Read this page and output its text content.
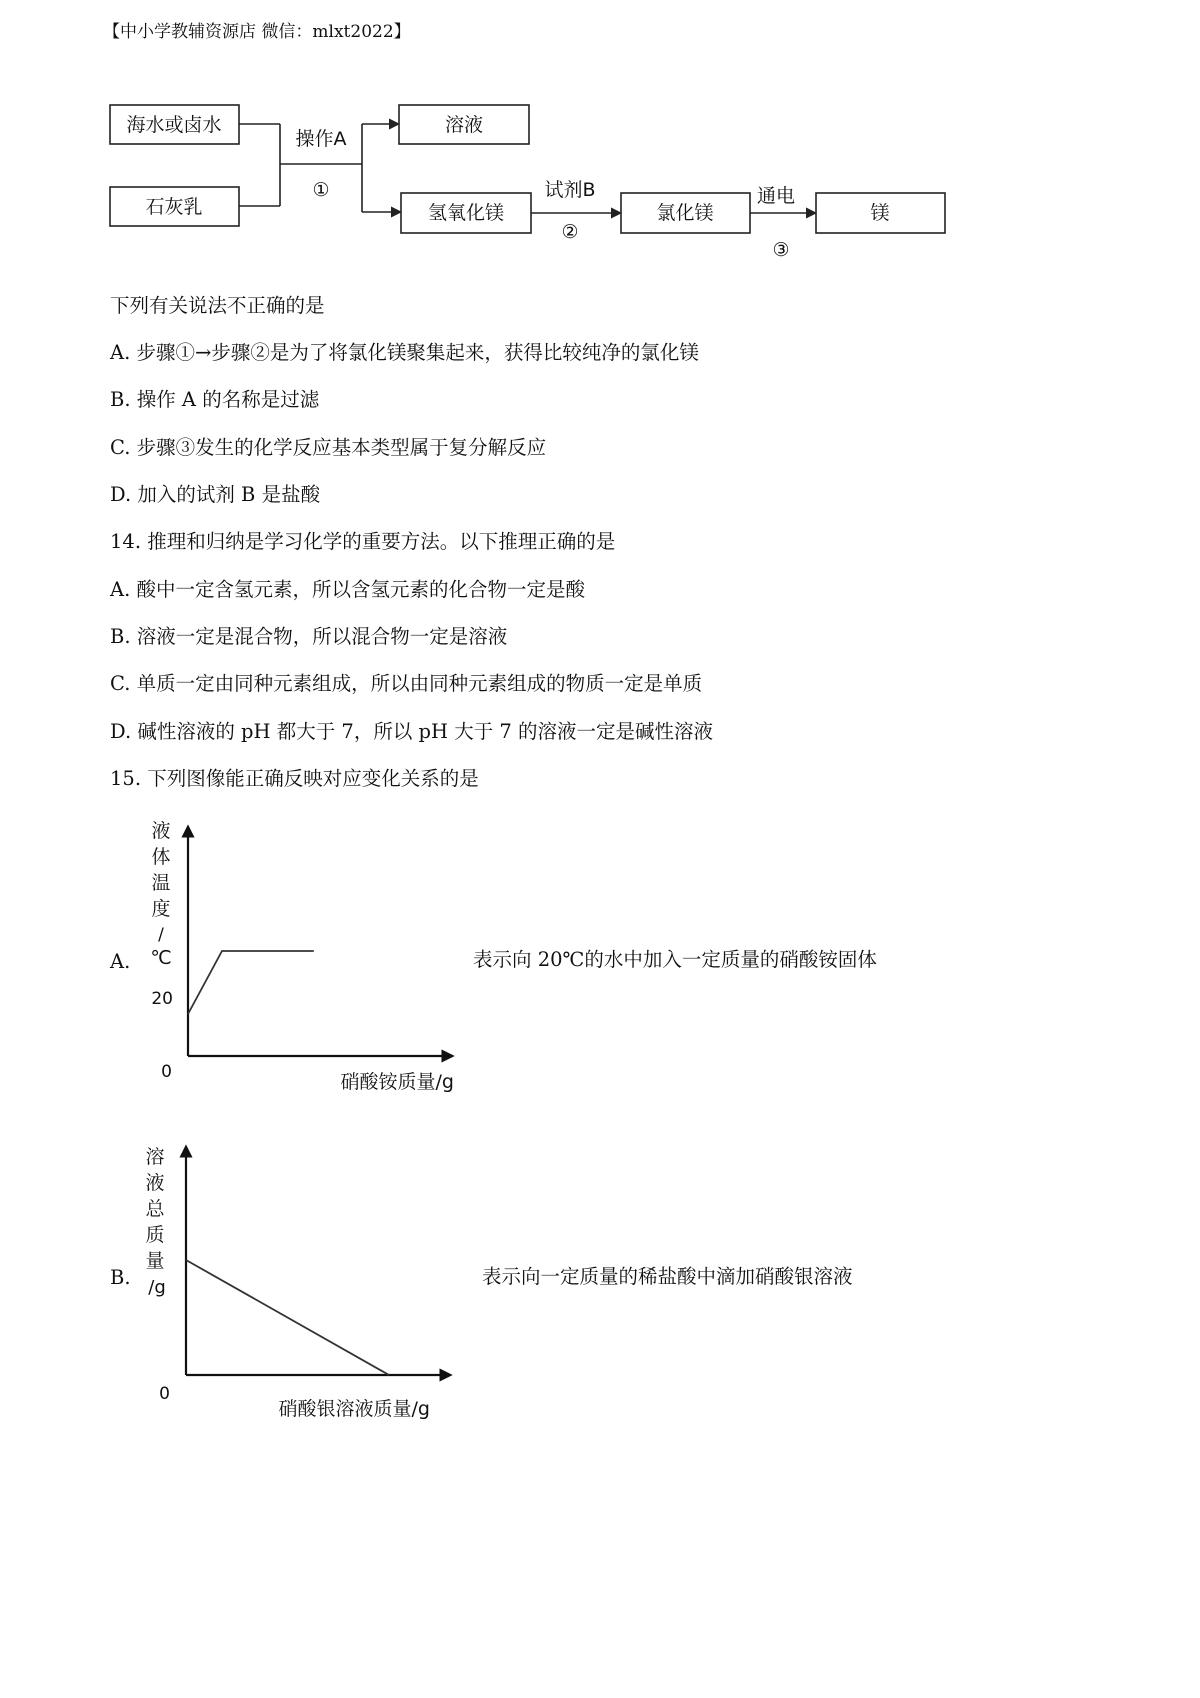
【中小学教辅资源店 微信：mlxt2022】
海水或卤水
石灰乳
溶液
氢氧化镁	氯化镁	镁
操作A
①	试剂B
②
通电
③
下列有关说法不正确的是
A. 步骤①→步骤②是为了将氯化镁聚集起来，获得比较纯净的氯化镁
B. 操作 A 的名称是过滤
C. 步骤③发生的化学反应基本类型属于复分解反应
D. 加入的试剂 B 是盐酸
14. 推理和归纳是学习化学的重要方法。以下推理正确的是
A. 酸中一定含氢元素，所以含氢元素的化合物一定是酸
B. 溶液一定是混合物，所以混合物一定是溶液
C. 单质一定由同种元素组成，所以由同种元素组成的物质一定是单质
D. 碱性溶液的 pH 都大于 7，所以 pH 大于 7 的溶液一定是碱性溶液
15. 下列图像能正确反映对应变化关系的是
A.	表示向 20℃的水中加入一定质量的硝酸铵固体
液
体
温
度
/
℃
20
0	硝酸铵质量/g
B.	表示向一定质量的稀盐酸中滴加硝酸银溶液
溶
液
总
质
量
/g
0
硝酸银溶液质量/g
